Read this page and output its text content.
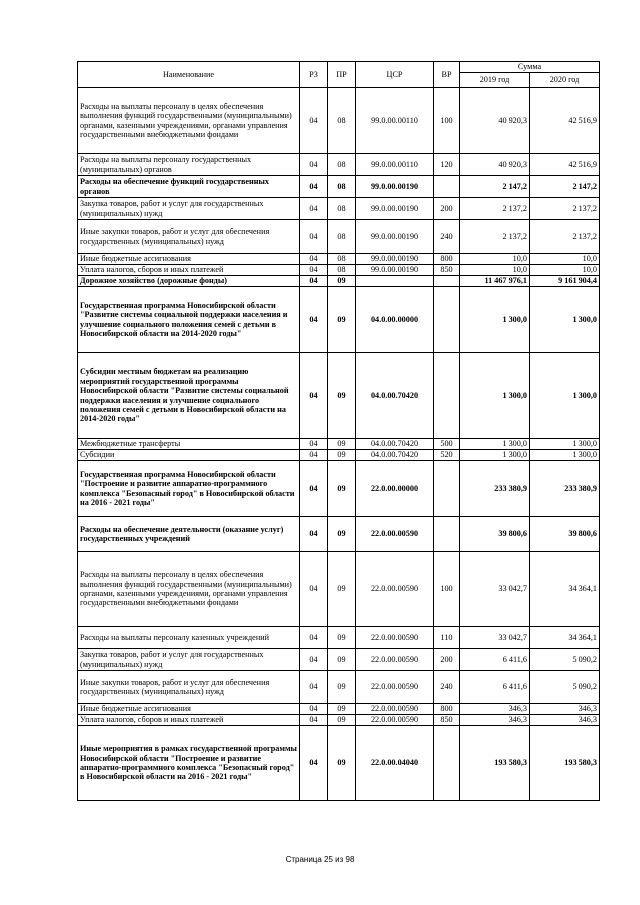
Наименование	РЗ	ПР	ЦСР	ВР	Сумма	
					2019 год	2020 год
Расходы на выплаты персоналу в целях обеспечения выполнения функций государственными (муниципальными) органами, казенными учреждениями, органами управления государственными внебюджетными фондами	04	08	99.0.00.00110	100	40 920,3	42 516,9
Расходы на выплаты персоналу государственных (муниципальных) органов	04	08	99.0.00.00110	120	40 920,3	42 516,9
Расходы на обеспечение функций государственных органов	04	08	99.0.00.00190		2 147,2	2 147,2
Закупка товаров, работ и услуг для государственных (муниципальных) нужд	04	08	99.0.00.00190	200	2 137,2	2 137,2
Иные закупки товаров, работ и услуг для обеспечения государственных (муниципальных) нужд	04	08	99.0.00.00190	240	2 137,2	2 137,2
Иные бюджетные ассигнования	04	08	99.0.00.00190	800	10,0	10,0
Уплата налогов, сборов и иных платежей	04	08	99.0.00.00190	850	10,0	10,0
Дорожное хозяйство (дорожные фонды)	04	09			11 467 976,1	9 161 904,4
Государственная программа Новосибирской области "Развитие системы социальной поддержки населения и улучшение социального положения семей с детьми в Новосибирской области на 2014-2020 годы"	04	09	04.0.00.00000		1 300,0	1 300,0
Субсидии местным бюджетам на реализацию мероприятий государственной программы Новосибирской области "Развитие системы социальной поддержки населения и улучшение социального положения семей с детьми в Новосибирской области на 2014-2020 годы"	04	09	04.0.00.70420		1 300,0	1 300,0
Межбюджетные трансферты	04	09	04.0.00.70420	500	1 300,0	1 300,0
Субсидии	04	09	04.0.00.70420	520	1 300,0	1 300,0
Государственная программа Новосибирской области "Построение и развитие аппаратно-программного комплекса "Безопасный город" в Новосибирской области на 2016 - 2021 годы"	04	09	22.0.00.00000		233 380,9	233 380,9
Расходы на обеспечение деятельности (оказание услуг) государственных учреждений	04	09	22.0.00.00590		39 800,6	39 800,6
Расходы на выплаты персоналу в целях обеспечения выполнения функций государственными (муниципальными) органами, казенными учреждениями, органами управления государственными внебюджетными фондами	04	09	22.0.00.00590	100	33 042,7	34 364,1
Расходы на выплаты персоналу казенных учреждений	04	09	22.0.00.00590	110	33 042,7	34 364,1
Закупка товаров, работ и услуг для государственных (муниципальных) нужд	04	09	22.0.00.00590	200	6 411,6	5 090,2
Иные закупки товаров, работ и услуг для обеспечения государственных (муниципальных) нужд	04	09	22.0.00.00590	240	6 411,6	5 090,2
Иные бюджетные ассигнования	04	09	22.0.00.00590	800	346,3	346,3
Уплата налогов, сборов и иных платежей	04	09	22.0.00.00590	850	346,3	346,3
Иные мероприятия в рамках государственной программы Новосибирской области "Построение и развитие аппаратно-программного комплекса "Безопасный город" в Новосибирской области на 2016 - 2021 годы"	04	09	22.0.00.04040		193 580,3	193 580,3
Страница 25 из 98
